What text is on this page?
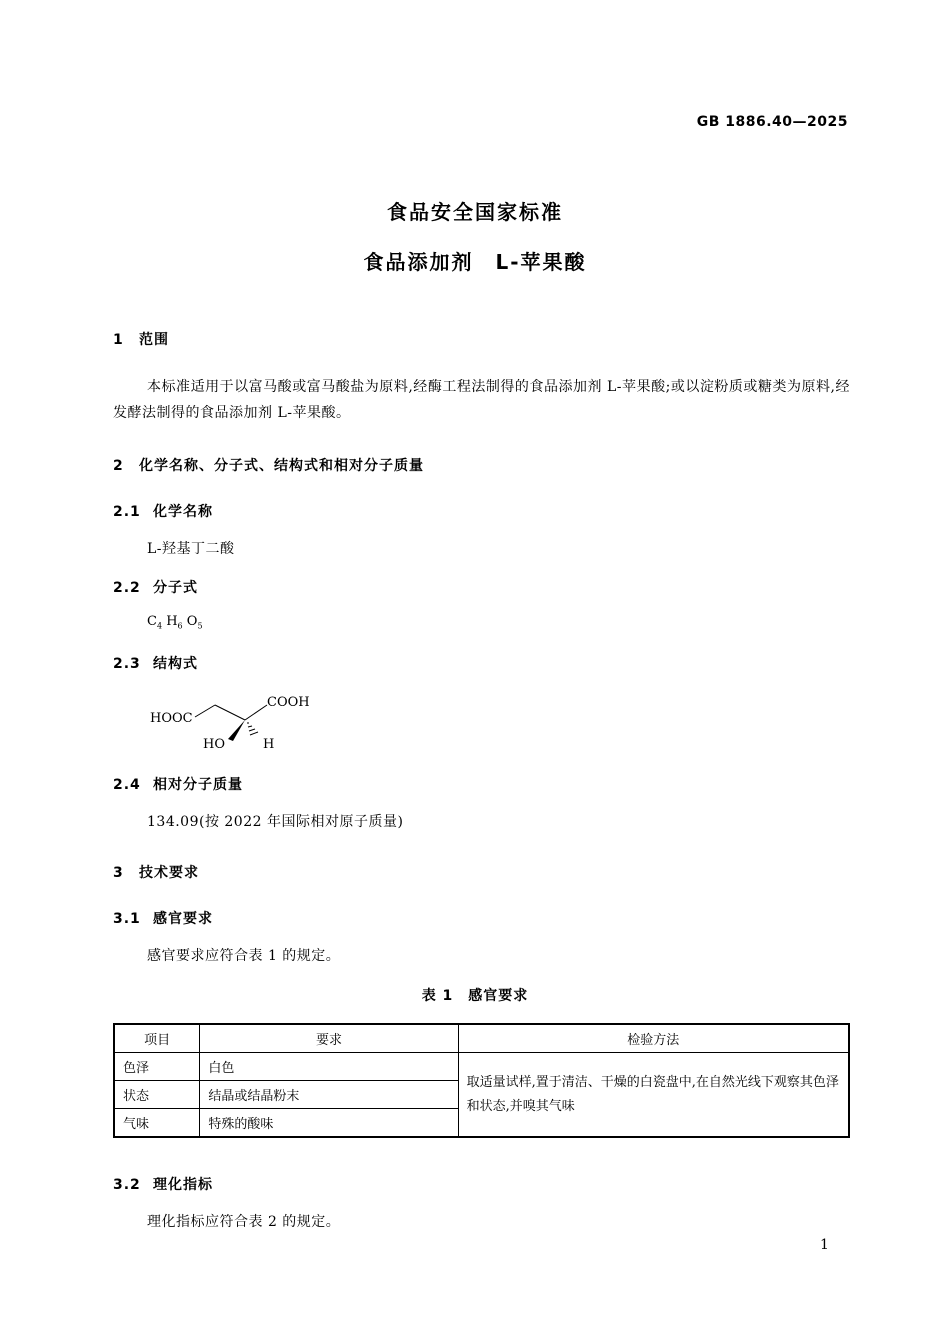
GB 1886.40—2025
食品安全国家标准
食品添加剂　L-苹果酸
1 范围
本标准适用于以富马酸或富马酸盐为原料,经酶工程法制得的食品添加剂 L-苹果酸;或以淀粉质或糖类为原料,经发酵法制得的食品添加剂 L-苹果酸。
2 化学名称、分子式、结构式和相对分子质量
2.1 化学名称
L-羟基丁二酸
2.2 分子式
$C_4$ $H_6$ $O_5$
2.3 结构式
HOOC
COOH
HO	H
2.4 相对分子质量
134.09(按 2022 年国际相对原子质量)
3 技术要求
3.1 感官要求
感官要求应符合表 1 的规定。
表 1　感官要求
项目	要求	检验方法
色泽	白色	取适量试样,置于清洁、干燥的白瓷盘中,在自然光线下观察其色泽和状态,并嗅其气味
状态	结晶或结晶粉末	
气味	特殊的酸味	
3.2 理化指标
理化指标应符合表 2 的规定。
1
